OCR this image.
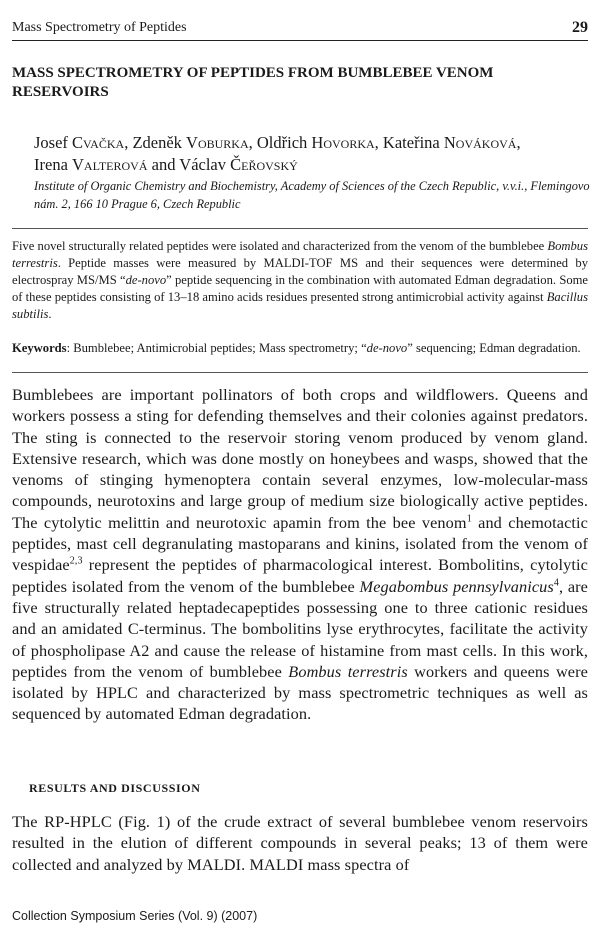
Mass Spectrometry of Peptides	29
MASS SPECTROMETRY OF PEPTIDES FROM BUMBLEBEE VENOM RESERVOIRS

Josef Cvačka, Zdeněk Voburka, Oldřich Hovorka, Kateřina Nováková,
Irena Valterová and Václav Čeřovský

Institute of Organic Chemistry and Biochemistry, Academy of Sciences of the Czech Republic, v.v.i., Flemingovo nám. 2, 166 10 Prague 6, Czech Republic

Five novel structurally related peptides were isolated and characterized from the venom of the bumblebee Bombus terrestris. Peptide masses were measured by MALDI-TOF MS and their sequences were determined by electrospray MS/MS “de-novo” peptide sequencing in the combination with automated Edman degradation. Some of these peptides consisting of 13–18 amino acids residues presented strong antimicrobial activity against Bacillus subtilis.

Keywords: Bumblebee; Antimicrobial peptides; Mass spectrometry; “de-novo” sequencing; Edman degradation.

Bumblebees are important pollinators of both crops and wildflowers. Queens and workers possess a sting for defending themselves and their colonies against predators. The sting is connected to the reservoir storing venom produced by venom gland. Extensive research, which was done mostly on honeybees and wasps, showed that the venoms of stinging hymenoptera contain several enzymes, low-molecular-mass compounds, neurotoxins and large group of medium size biologically active peptides. The cytolytic melittin and neurotoxic apamin from the bee venom$^1$ and chemotactic peptides, mast cell degranulating mastoparans and kinins, isolated from the venom of vespidae$^{2,3}$ represent the peptides of pharmacological interest. Bombolitins, cytolytic peptides isolated from the venom of the bumblebee Megabombus pennsylvanicus$^4$, are five structurally related heptadecapeptides possessing one to three cationic residues and an amidated C-terminus. The bombolitins lyse erythrocytes, facilitate the activity of phospholipase A2 and cause the release of histamine from mast cells. In this work, peptides from the venom of bumblebee Bombus terrestris workers and queens were isolated by HPLC and characterized by mass spectrometric techniques as well as sequenced by automated Edman degradation.

RESULTS AND DISCUSSION

The RP-HPLC (Fig. 1) of the crude extract of several bumblebee venom reservoirs resulted in the elution of different compounds in several peaks; 13 of them were collected and analyzed by MALDI. MALDI mass spectra of

Collection Symposium Series (Vol. 9) (2007)
